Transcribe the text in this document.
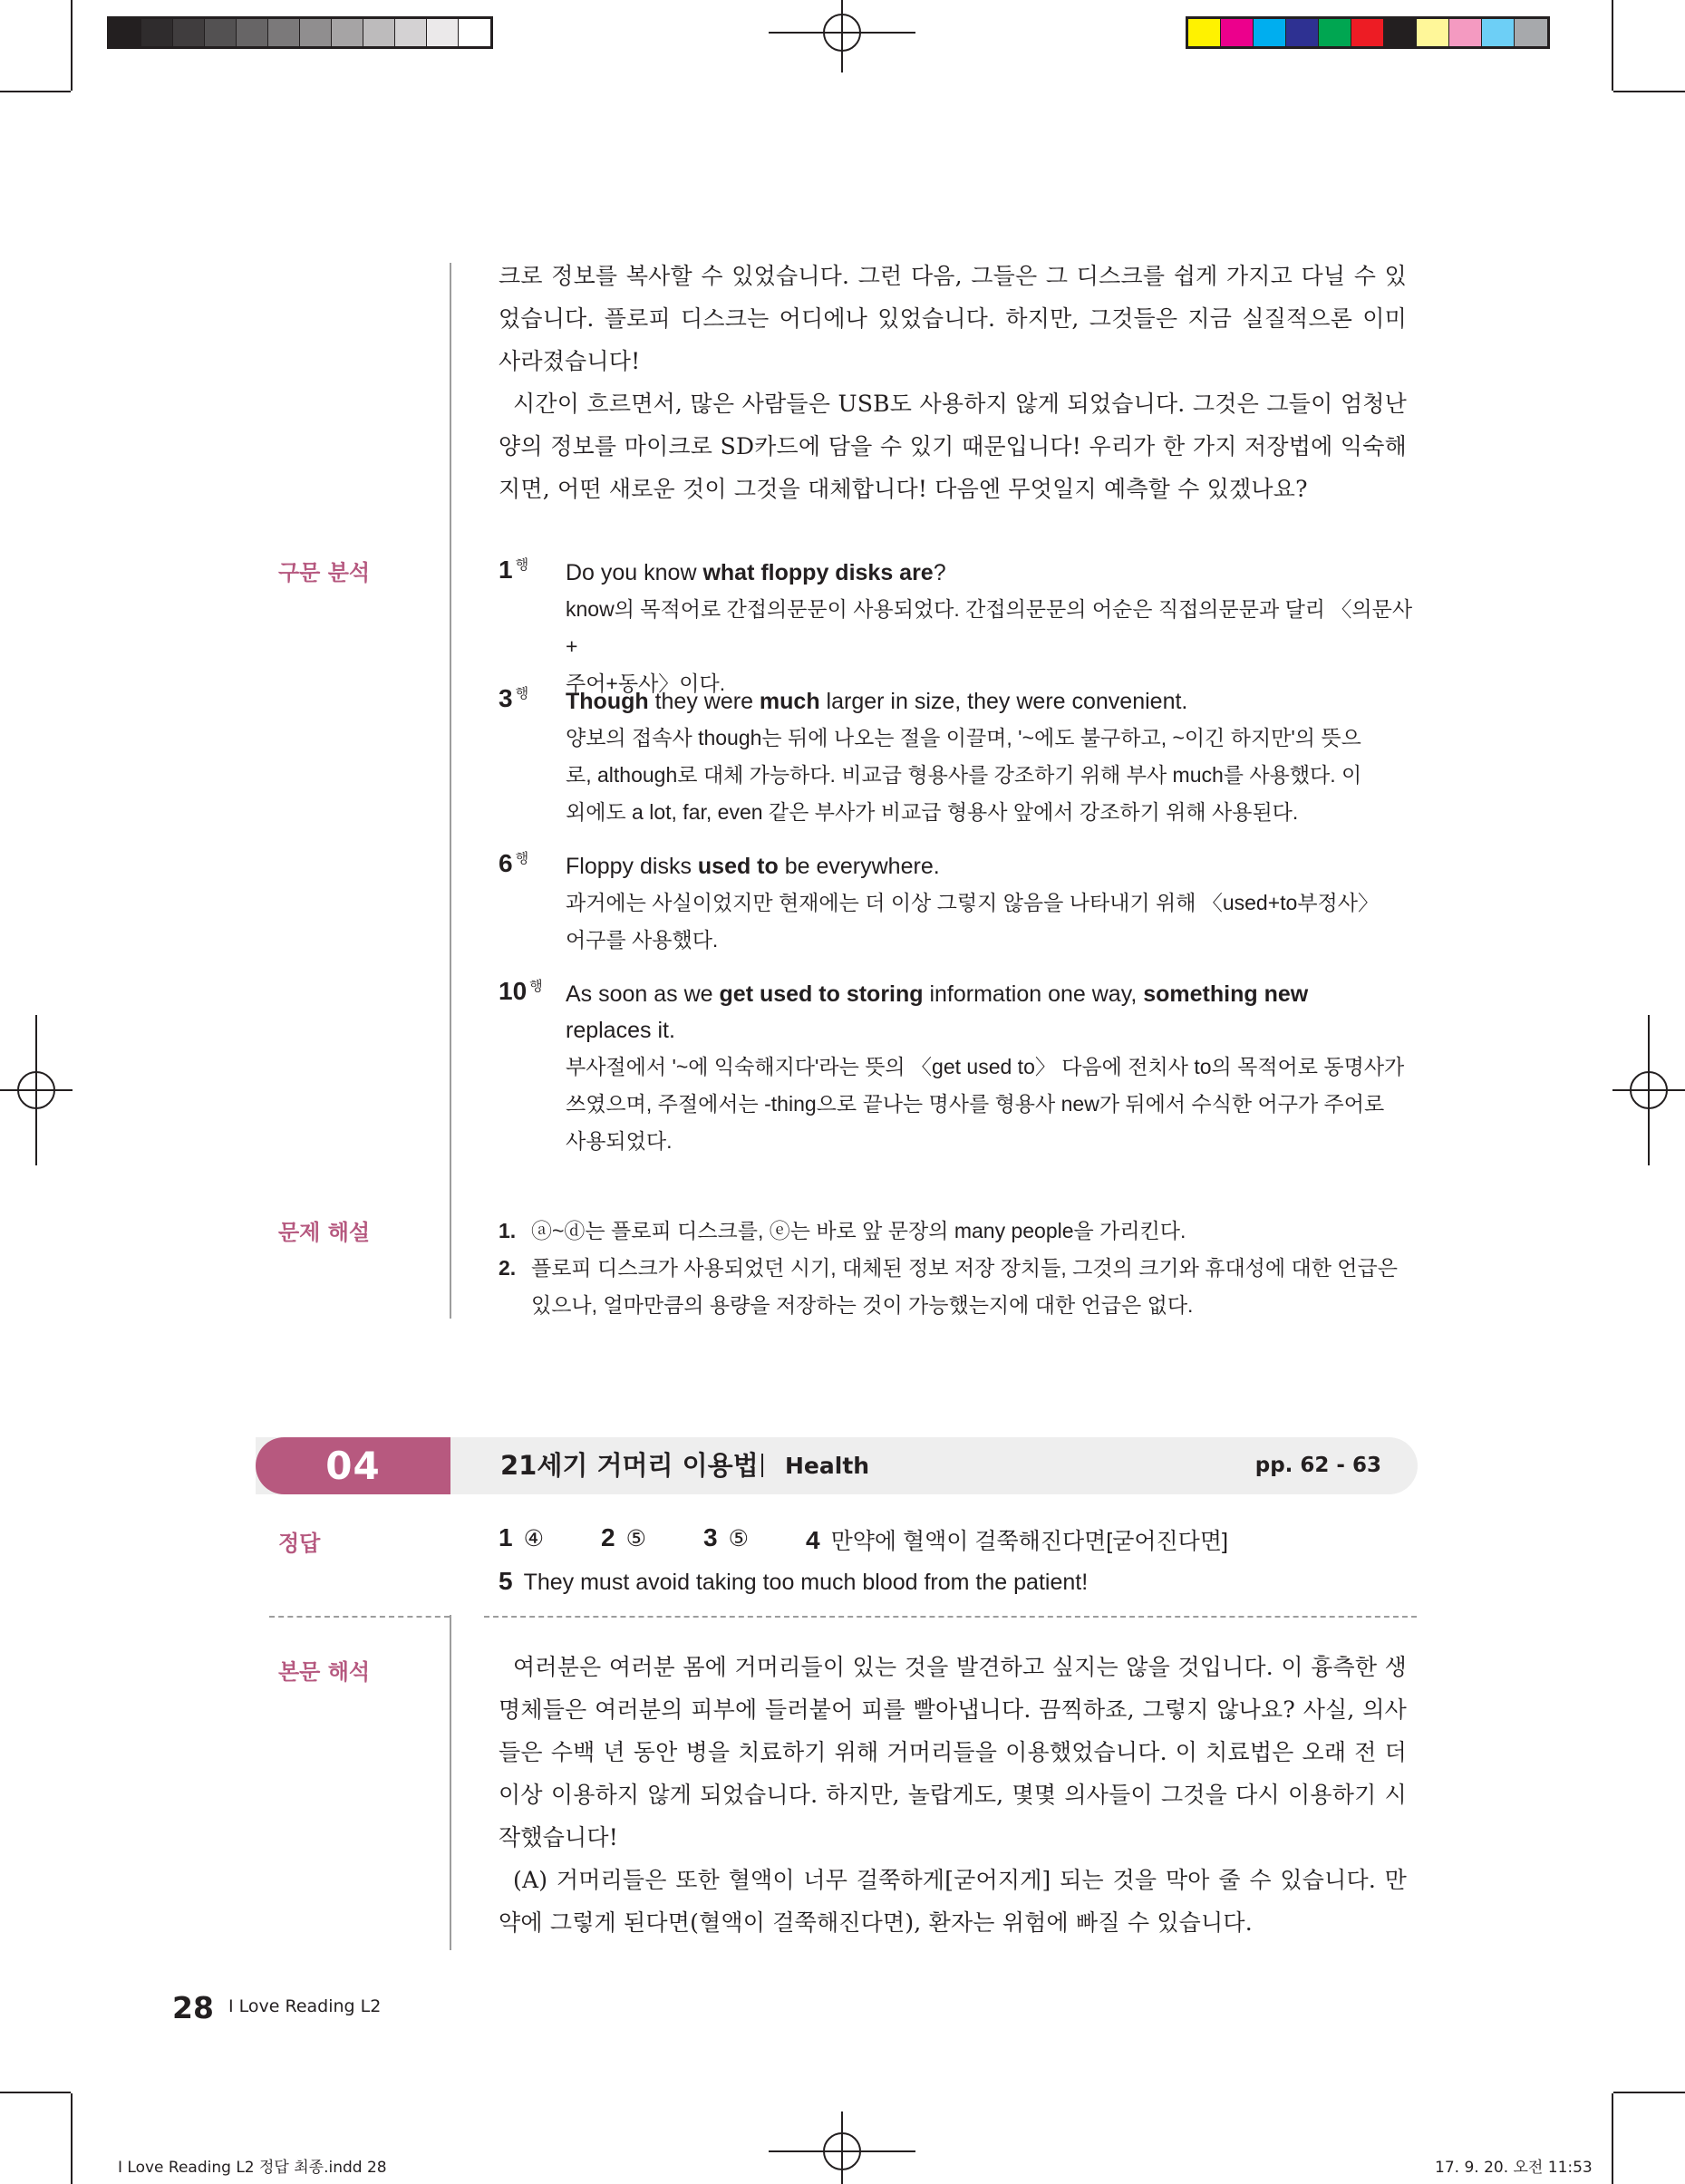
크로 정보를 복사할 수 있었습니다. 그런 다음, 그들은 그 디스크를 쉽게 가지고 다닐 수 있었습니다. 플로피 디스크는 어디에나 있었습니다. 하지만, 그것들은 지금 실질적으론 이미 사라졌습니다!

시간이 흐르면서, 많은 사람들은 USB도 사용하지 않게 되었습니다. 그것은 그들이 엄청난 양의 정보를 마이크로 SD카드에 담을 수 있기 때문입니다! 우리가 한 가지 저장법에 익숙해지면, 어떤 새로운 것이 그것을 대체합니다! 다음엔 무엇일지 예측할 수 있겠나요?

구문 분석	1 $^행$ Do you know what floppy disks are?

know의 목적어로 간접의문문이 사용되었다. 간접의문문의 어순은 직접의문문과 달리 〈의문사+

주어+동사〉이다.

3 $^행$ Though they were much larger in size, they were convenient.

양보의 접속사 though는 뒤에 나오는 절을 이끌며, '~에도 불구하고, ~이긴 하지만'의 뜻으

로, although로 대체 가능하다. 비교급 형용사를 강조하기 위해 부사 much를 사용했다. 이

외에도 a lot, far, even 같은 부사가 비교급 형용사 앞에서 강조하기 위해 사용된다.

6 $^행$ Floppy disks used to be everywhere.

과거에는 사실이었지만 현재에는 더 이상 그렇지 않음을 나타내기 위해 〈used+to부정사〉

어구를 사용했다.

10 $^행$ As soon as we get used to storing information one way, something new

replaces it.

부사절에서 '~에 익숙해지다'라는 뜻의 〈get used to〉 다음에 전치사 to의 목적어로 동명사가

쓰였으며, 주절에서는 -thing으로 끝나는 명사를 형용사 new가 뒤에서 수식한 어구가 주어로

사용되었다.

문제 해설	1. ⓐ~ⓓ는 플로피 디스크를, ⓔ는 바로 앞 문장의 many people을 가리킨다.
2. 플로피 디스크가 사용되었던 시기, 대체된 정보 저장 장치들, 그것의 크기와 휴대성에 대한 언급은
있으나, 얼마만큼의 용량을 저장하는 것이 가능했는지에 대한 언급은 없다.
04	21세기 거머리 이용법 Health	pp. 62 - 63
정답	1 ④ 2 ⑤ 3 ⑤ 4 만약에 혈액이 걸쭉해진다면[굳어진다면]
5 They must avoid taking too much blood from the patient!
본문 해석	여러분은 여러분 몸에 거머리들이 있는 것을 발견하고 싶지는 않을 것입니다. 이 흉측한 생명체들은 여러분의 피부에 들러붙어 피를 빨아냅니다. 끔찍하죠, 그렇지 않나요? 사실, 의사들은 수백 년 동안 병을 치료하기 위해 거머리들을 이용했었습니다. 이 치료법은 오래 전 더 이상 이용하지 않게 되었습니다. 하지만, 놀랍게도, 몇몇 의사들이 그것을 다시 이용하기 시작했습니다!

(A) 거머리들은 또한 혈액이 너무 걸쭉하게[굳어지게] 되는 것을 막아 줄 수 있습니다. 만약에 그렇게 된다면(혈액이 걸쭉해진다면), 환자는 위험에 빠질 수 있습니다.

28 I Love Reading L2
I Love Reading L2 정답 최종.indd 28	17. 9. 20. 오전 11:53
